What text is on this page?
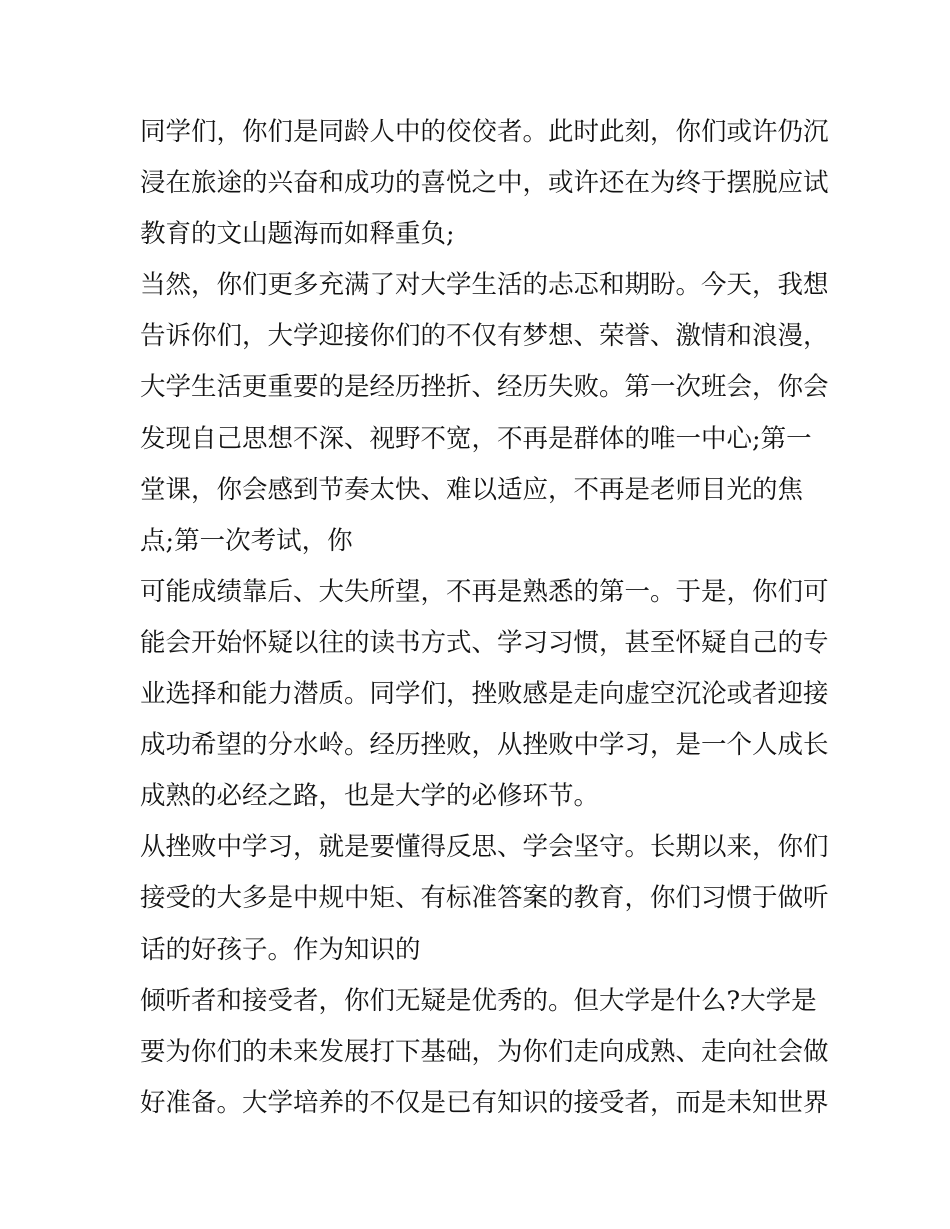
同学们，你们是同龄人中的佼佼者。此时此刻，你们或许仍沉
浸在旅途的兴奋和成功的喜悦之中，或许还在为终于摆脱应试
教育的文山题海而如释重负;
当然，你们更多充满了对大学生活的忐忑和期盼。今天，我想
告诉你们，大学迎接你们的不仅有梦想、荣誉、激情和浪漫，
大学生活更重要的是经历挫折、经历失败。第一次班会，你会
发现自己思想不深、视野不宽，不再是群体的唯一中心;第一
堂课，你会感到节奏太快、难以适应，不再是老师目光的焦
点;第一次考试，你
可能成绩靠后、大失所望，不再是熟悉的第一。于是，你们可
能会开始怀疑以往的读书方式、学习习惯，甚至怀疑自己的专
业选择和能力潜质。同学们，挫败感是走向虚空沉沦或者迎接
成功希望的分水岭。经历挫败，从挫败中学习，是一个人成长
成熟的必经之路，也是大学的必修环节。
从挫败中学习，就是要懂得反思、学会坚守。长期以来，你们
接受的大多是中规中矩、有标准答案的教育，你们习惯于做听
话的好孩子。作为知识的
倾听者和接受者，你们无疑是优秀的。但大学是什么?大学是
要为你们的未来发展打下基础，为你们走向成熟、走向社会做
好准备。大学培养的不仅是已有知识的接受者，而是未知世界
